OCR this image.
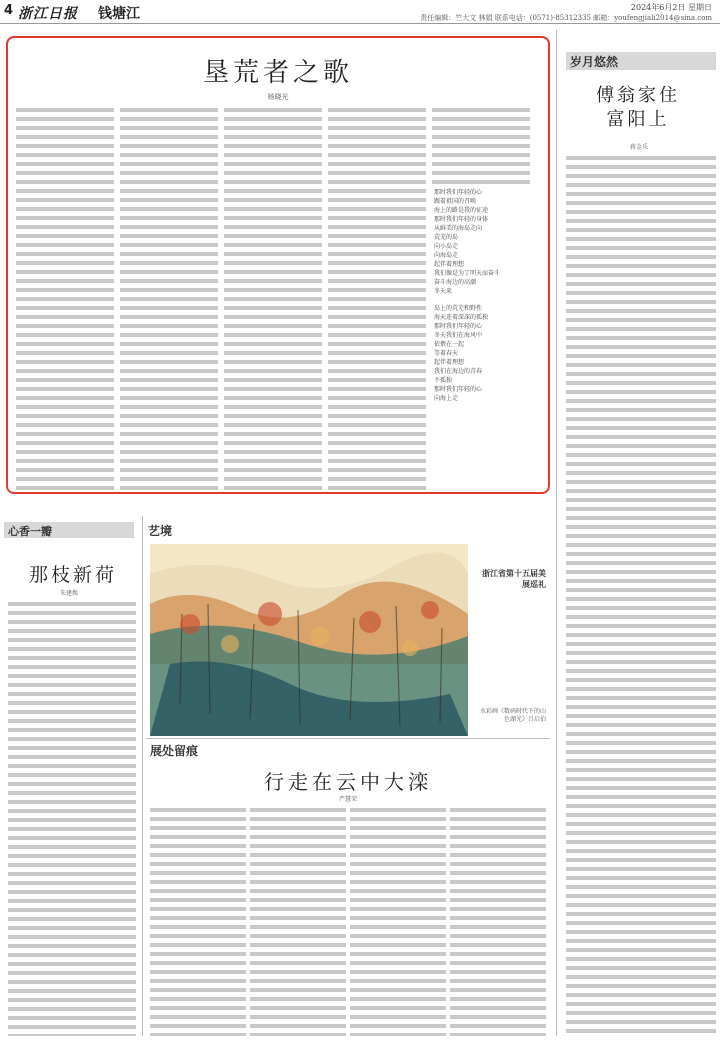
4 浙江日报 钱塘江	2024年6月2日 星期日
责任编辑：竺大文 林娟 联系电话：(0571)-85312335 邮箱：youfengjiali2014@sina.com
垦荒者之歌
杨晓光
那时我们年轻的心
跟着祖国的召唤
海上的路是我的征途
那时我们年轻的身体
从鲜美的海岛走向
荒芜的岛
向小岛走
向海岛走
起伴着理想
我们像是为了明天而奋斗
奋斗海边的高潮
冬天来
岛上的荒芜和野性
海天连着深深的孤独
那时我们年轻的心
冬天我们在海风中
依偎在一起
等着春天
起伴着理想
我们在海边的青春
不孤独
那时我们年轻的心
向海上走
岁月悠然
傅翁家住
富阳上
蒋金乐
心香一瓣
那枝新荷
朱建焕
艺境
浙江省第十五届美展巡礼
水彩画《数码时代下的山色湖光》吕启伯
展处留痕
行走在云中大滦
严慧荣
